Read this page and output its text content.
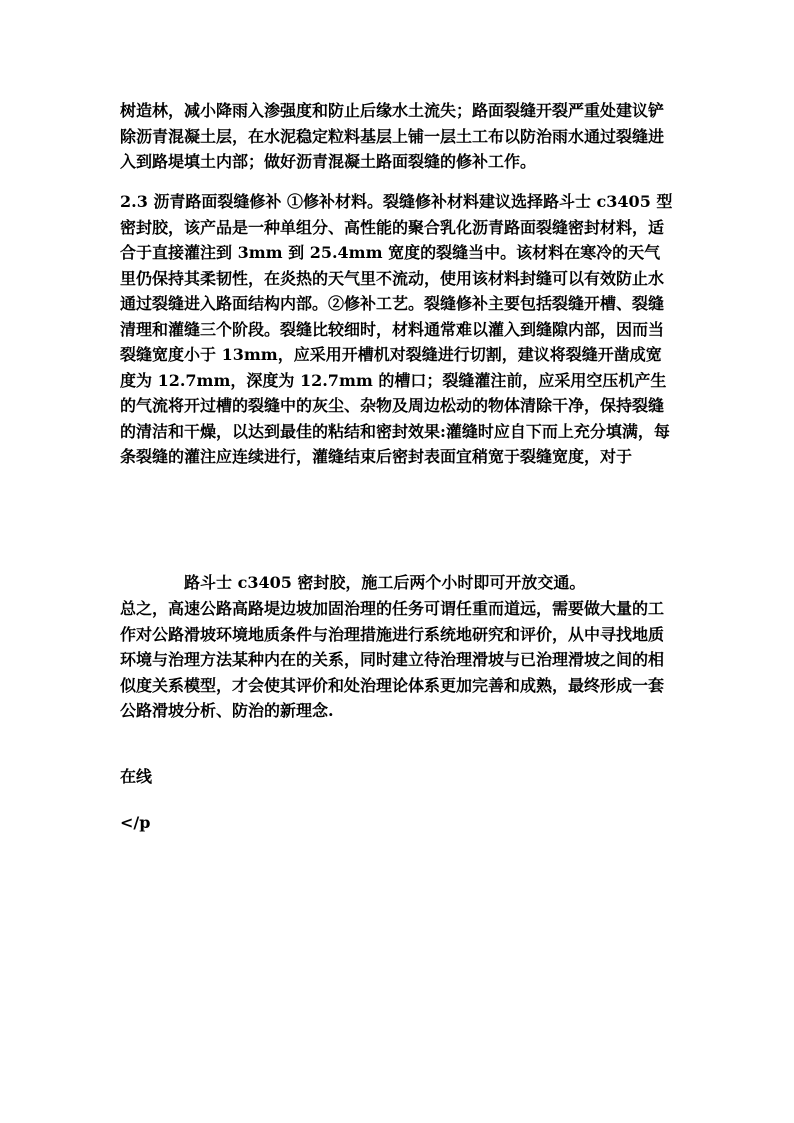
树造林，减小降雨入渗强度和防止后缘水土流失；路面裂缝开裂严重处建议铲除沥青混凝土层，在水泥稳定粒料基层上铺一层土工布以防治雨水通过裂缝进入到路堤填土内部；做好沥青混凝土路面裂缝的修补工作。

2.3 沥青路面裂缝修补 ①修补材料。裂缝修补材料建议选择路斗士 c3405 型密封胶，该产品是一种单组分、高性能的聚合乳化沥青路面裂缝密封材料，适合于直接灌注到 3mm 到 25.4mm 宽度的裂缝当中。该材料在寒冷的天气里仍保持其柔韧性，在炎热的天气里不流动，使用该材料封缝可以有效防止水通过裂缝进入路面结构内部。②修补工艺。裂缝修补主要包括裂缝开槽、裂缝清理和灌缝三个阶段。裂缝比较细时，材料通常难以灌入到缝隙内部，因而当裂缝宽度小于 13mm，应采用开槽机对裂缝进行切割，建议将裂缝开凿成宽度为 12.7mm，深度为 12.7mm 的槽口；裂缝灌注前，应采用空压机产生的气流将开过槽的裂缝中的灰尘、杂物及周边松动的物体清除干净，保持裂缝的清洁和干燥，以达到最佳的粘结和密封效果:灌缝时应自下而上充分填满，每条裂缝的灌注应连续进行，灌缝结束后密封表面宜稍宽于裂缝宽度，对于

　　　　路斗士 c3405 密封胶，施工后两个小时即可开放交通。

总之，高速公路高路堤边坡加固治理的任务可谓任重而道远，需要做大量的工作对公路滑坡环境地质条件与治理措施进行系统地研究和评价，从中寻找地质环境与治理方法某种内在的关系，同时建立待治理滑坡与已治理滑坡之间的相似度关系模型，才会使其评价和处治理论体系更加完善和成熟，最终形成一套公路滑坡分析、防治的新理念.

在线

</p
